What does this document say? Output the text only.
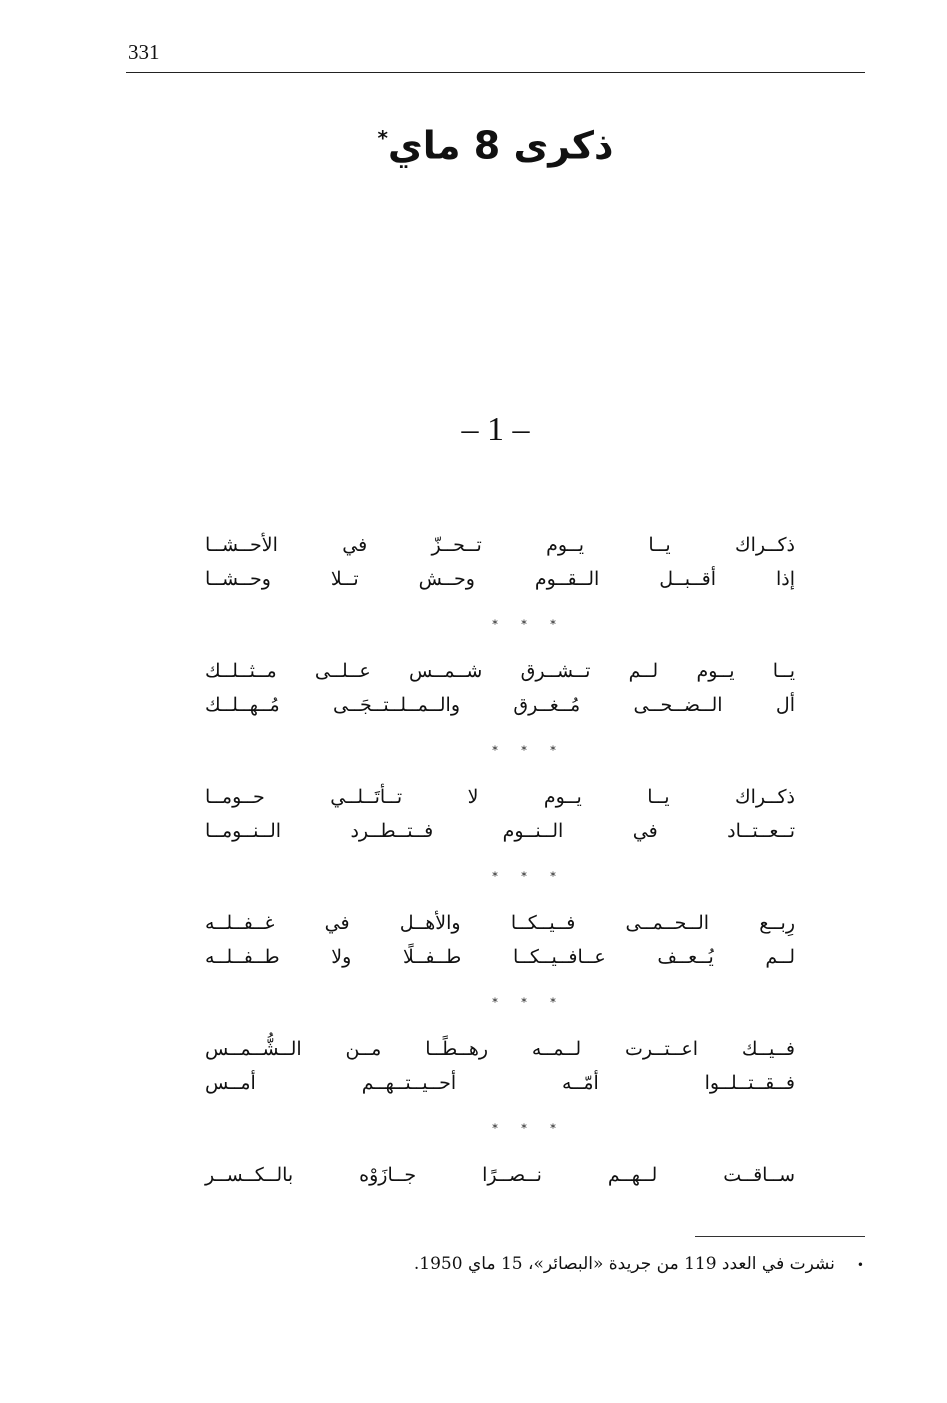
331
ذكرى 8 ماي*
– 1 –
ذكــراك
يــا
يــوم
تــحــزّ
في
الأحــشــا
إذا
أقــبــل
الــقــوم
وحــش
تــلا
وحــشــا
* * *
يــا
يــوم
لــم
تــشــرق
شــمــس
عــلــى
مــثــلــك
أل
الــضــحــى
مُــغــرق
والــمــلــتــجَــى
مُــهــلــك
* * *
ذكــراك
يــا
يــوم
لا
تــأتَــلــي
حــومــا
تــعــتــاد
في
الــنــوم
فــتــطــرد
الــنــومــا
* * *
رِبــع
الــحــمــى
فــيــكــا
والأهــل
في
غــفــلــه
لــم
يُــعــف
عــافــيــكــا
طــفــلًا
ولا
طــفــلــه
* * *
فــيــك
اعــتــرت
لــمــه
رهــطًــا
مــن
الــشُّــمــس
فــقــتــلــوا
أمّــه
أحــيــتــهــم
أمــس
* * *
ســاقــت
لــهــم
نــصــرًا
جــازَوْه
بالــكــســر
•نشرت في العدد 119 من جريدة «البصائر»، 15 ماي 1950.
